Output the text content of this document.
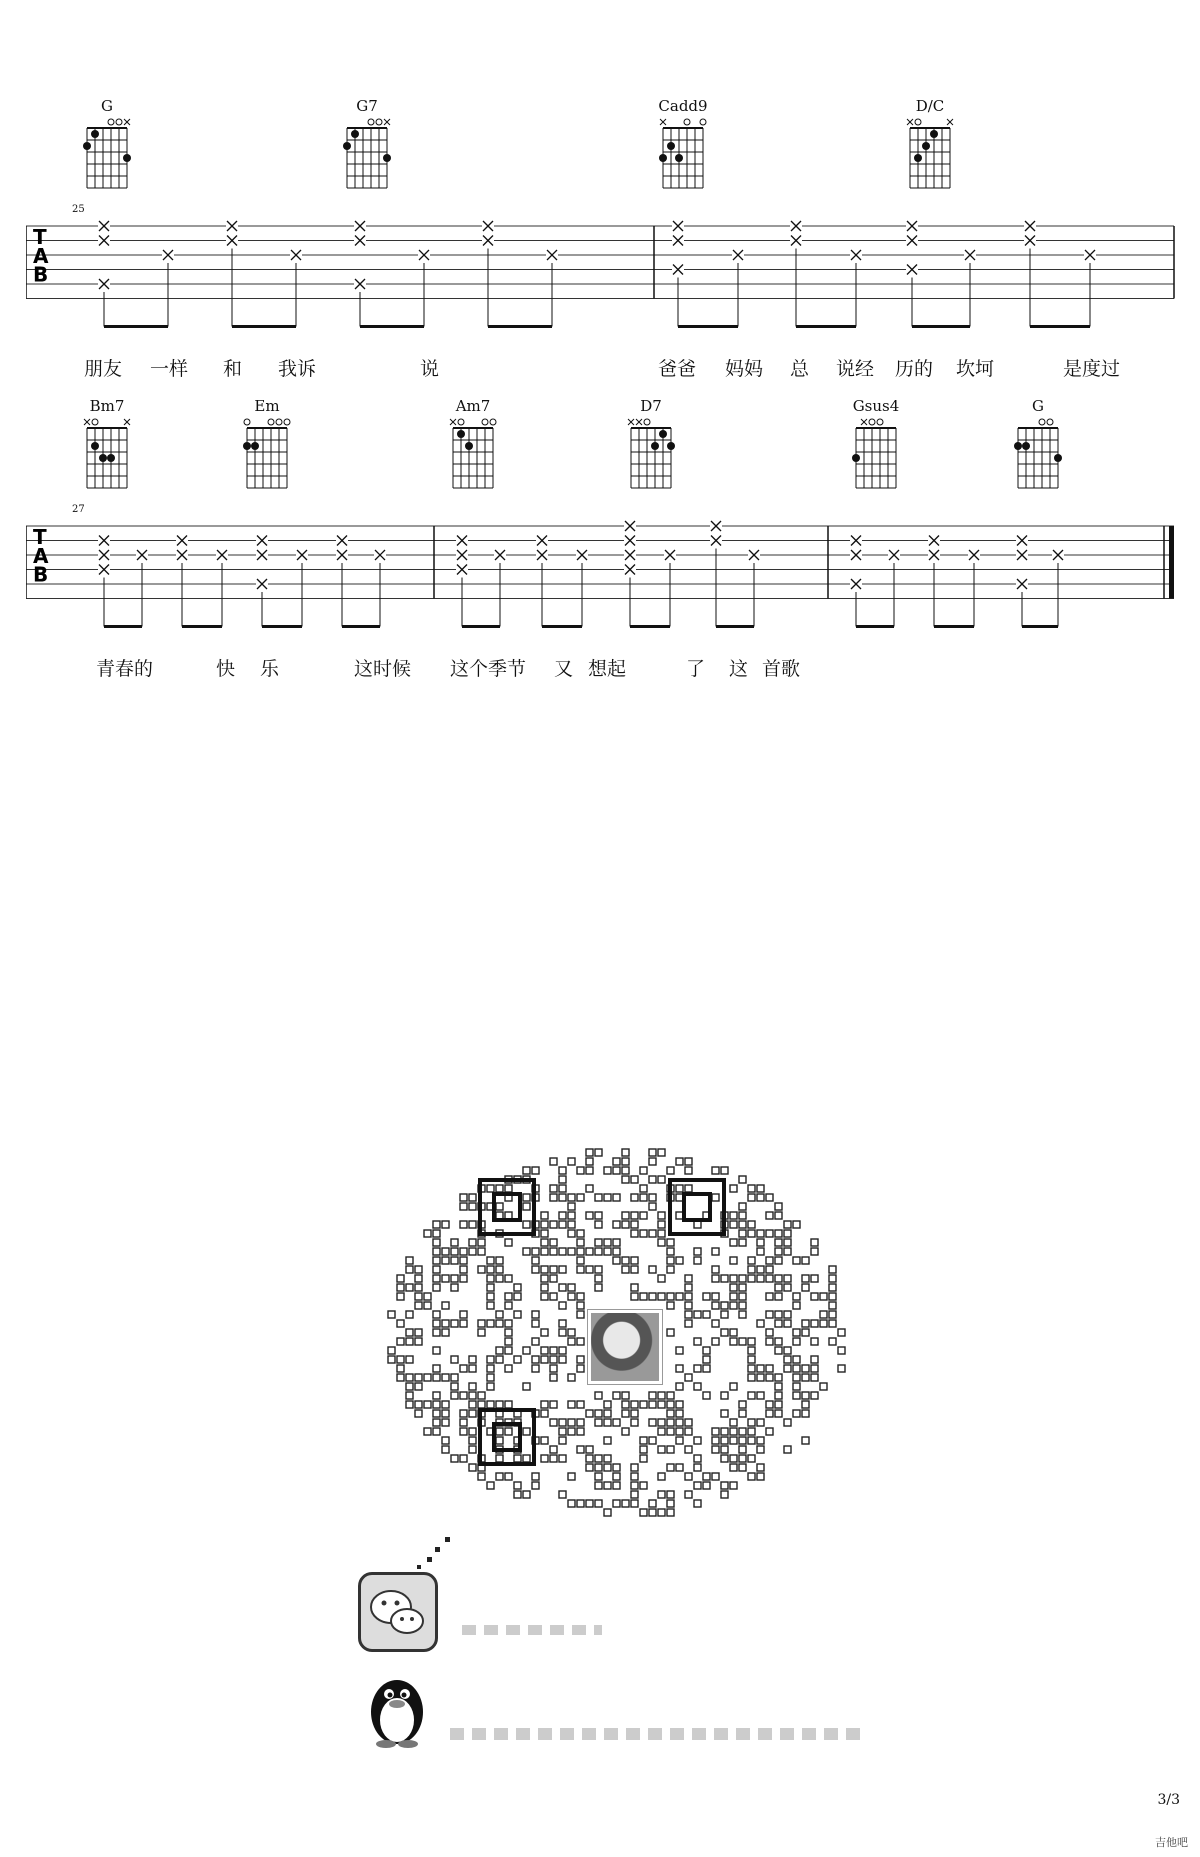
G	G7	Cadd9	D/C
25
T
A
B
朋友 一样 和 我诉	说	爸爸 妈妈 总 说经 历的 坎坷	是度过
Bm7	Em	Am7	D7	Gsus4	G
27
T
A
B
青春的	快 乐	这时候 这个季节 又 想起	了 这 首歌
3/3
吉他吧
